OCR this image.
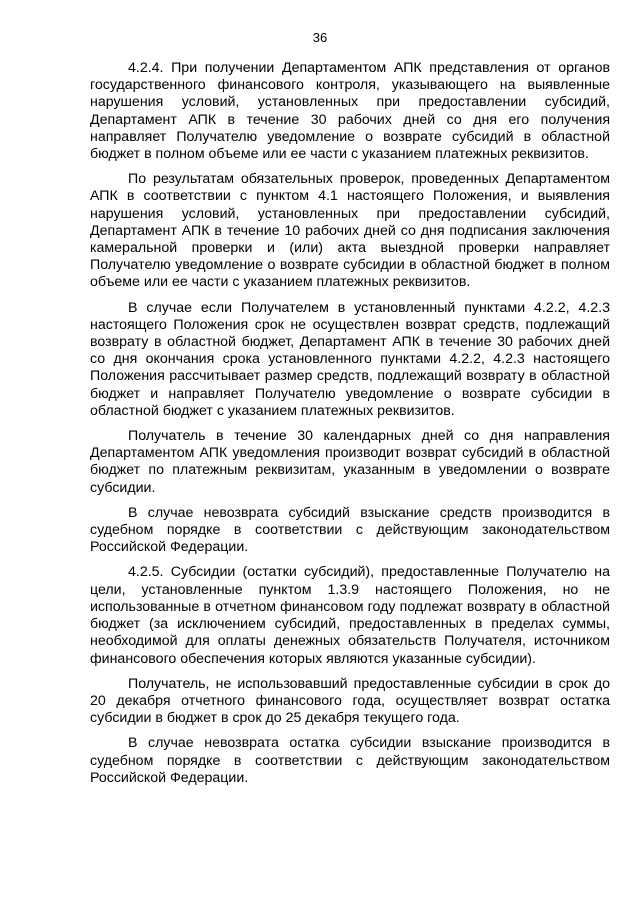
36

4.2.4. При получении Департаментом АПК представления от органов государственного финансового контроля, указывающего на выявленные нарушения условий, установленных при предоставлении субсидий, Департамент АПК в течение 30 рабочих дней со дня его получения направляет Получателю уведомление о возврате субсидий в областной бюджет в полном объеме или ее части с указанием платежных реквизитов.

По результатам обязательных проверок, проведенных Департаментом АПК в соответствии с пунктом 4.1 настоящего Положения, и выявления нарушения условий, установленных при предоставлении субсидий, Департамент АПК в течение 10 рабочих дней со дня подписания заключения камеральной проверки и (или) акта выездной проверки направляет Получателю уведомление о возврате субсидии в областной бюджет в полном объеме или ее части с указанием платежных реквизитов.

В случае если Получателем в установленный пунктами 4.2.2, 4.2.3 настоящего Положения срок не осуществлен возврат средств, подлежащий возврату в областной бюджет, Департамент АПК в течение 30 рабочих дней со дня окончания срока установленного пунктами 4.2.2, 4.2.3 настоящего Положения рассчитывает размер средств, подлежащий возврату в областной бюджет и направляет Получателю уведомление о возврате субсидии в областной бюджет с указанием платежных реквизитов.

Получатель в течение 30 календарных дней со дня направления Департаментом АПК уведомления производит возврат субсидий в областной бюджет по платежным реквизитам, указанным в уведомлении о возврате субсидии.

В случае невозврата субсидий взыскание средств производится в судебном порядке в соответствии с действующим законодательством Российской Федерации.

4.2.5. Субсидии (остатки субсидий), предоставленные Получателю на цели, установленные пунктом 1.3.9 настоящего Положения, но не использованные в отчетном финансовом году подлежат возврату в областной бюджет (за исключением субсидий, предоставленных в пределах суммы, необходимой для оплаты денежных обязательств Получателя, источником финансового обеспечения которых являются указанные субсидии).

Получатель, не использовавший предоставленные субсидии в срок до 20 декабря отчетного финансового года, осуществляет возврат остатка субсидии в бюджет в срок до 25 декабря текущего года.

В случае невозврата остатка субсидии взыскание производится в судебном порядке в соответствии с действующим законодательством Российской Федерации.
